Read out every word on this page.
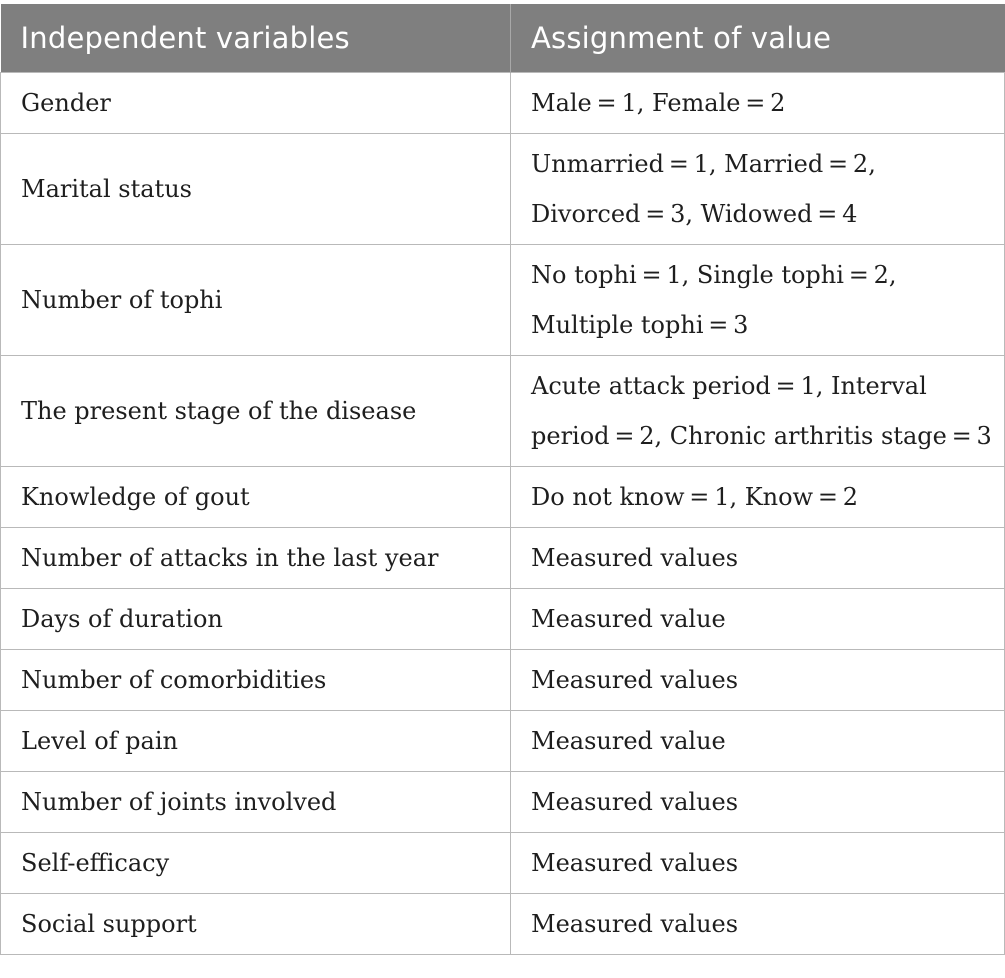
Independent variables	Assignment of value
Gender	Male = 1, Female = 2
Marital status	Unmarried = 1, Married = 2, Divorced = 3, Widowed = 4
Number of tophi	No tophi = 1, Single tophi = 2, Multiple tophi = 3
The present stage of the disease	Acute attack period = 1, Interval period = 2, Chronic arthritis stage = 3
Knowledge of gout	Do not know = 1, Know = 2
Number of attacks in the last year	Measured values
Days of duration	Measured value
Number of comorbidities	Measured values
Level of pain	Measured value
Number of joints involved	Measured values
Self-efficacy	Measured values
Social support	Measured values
